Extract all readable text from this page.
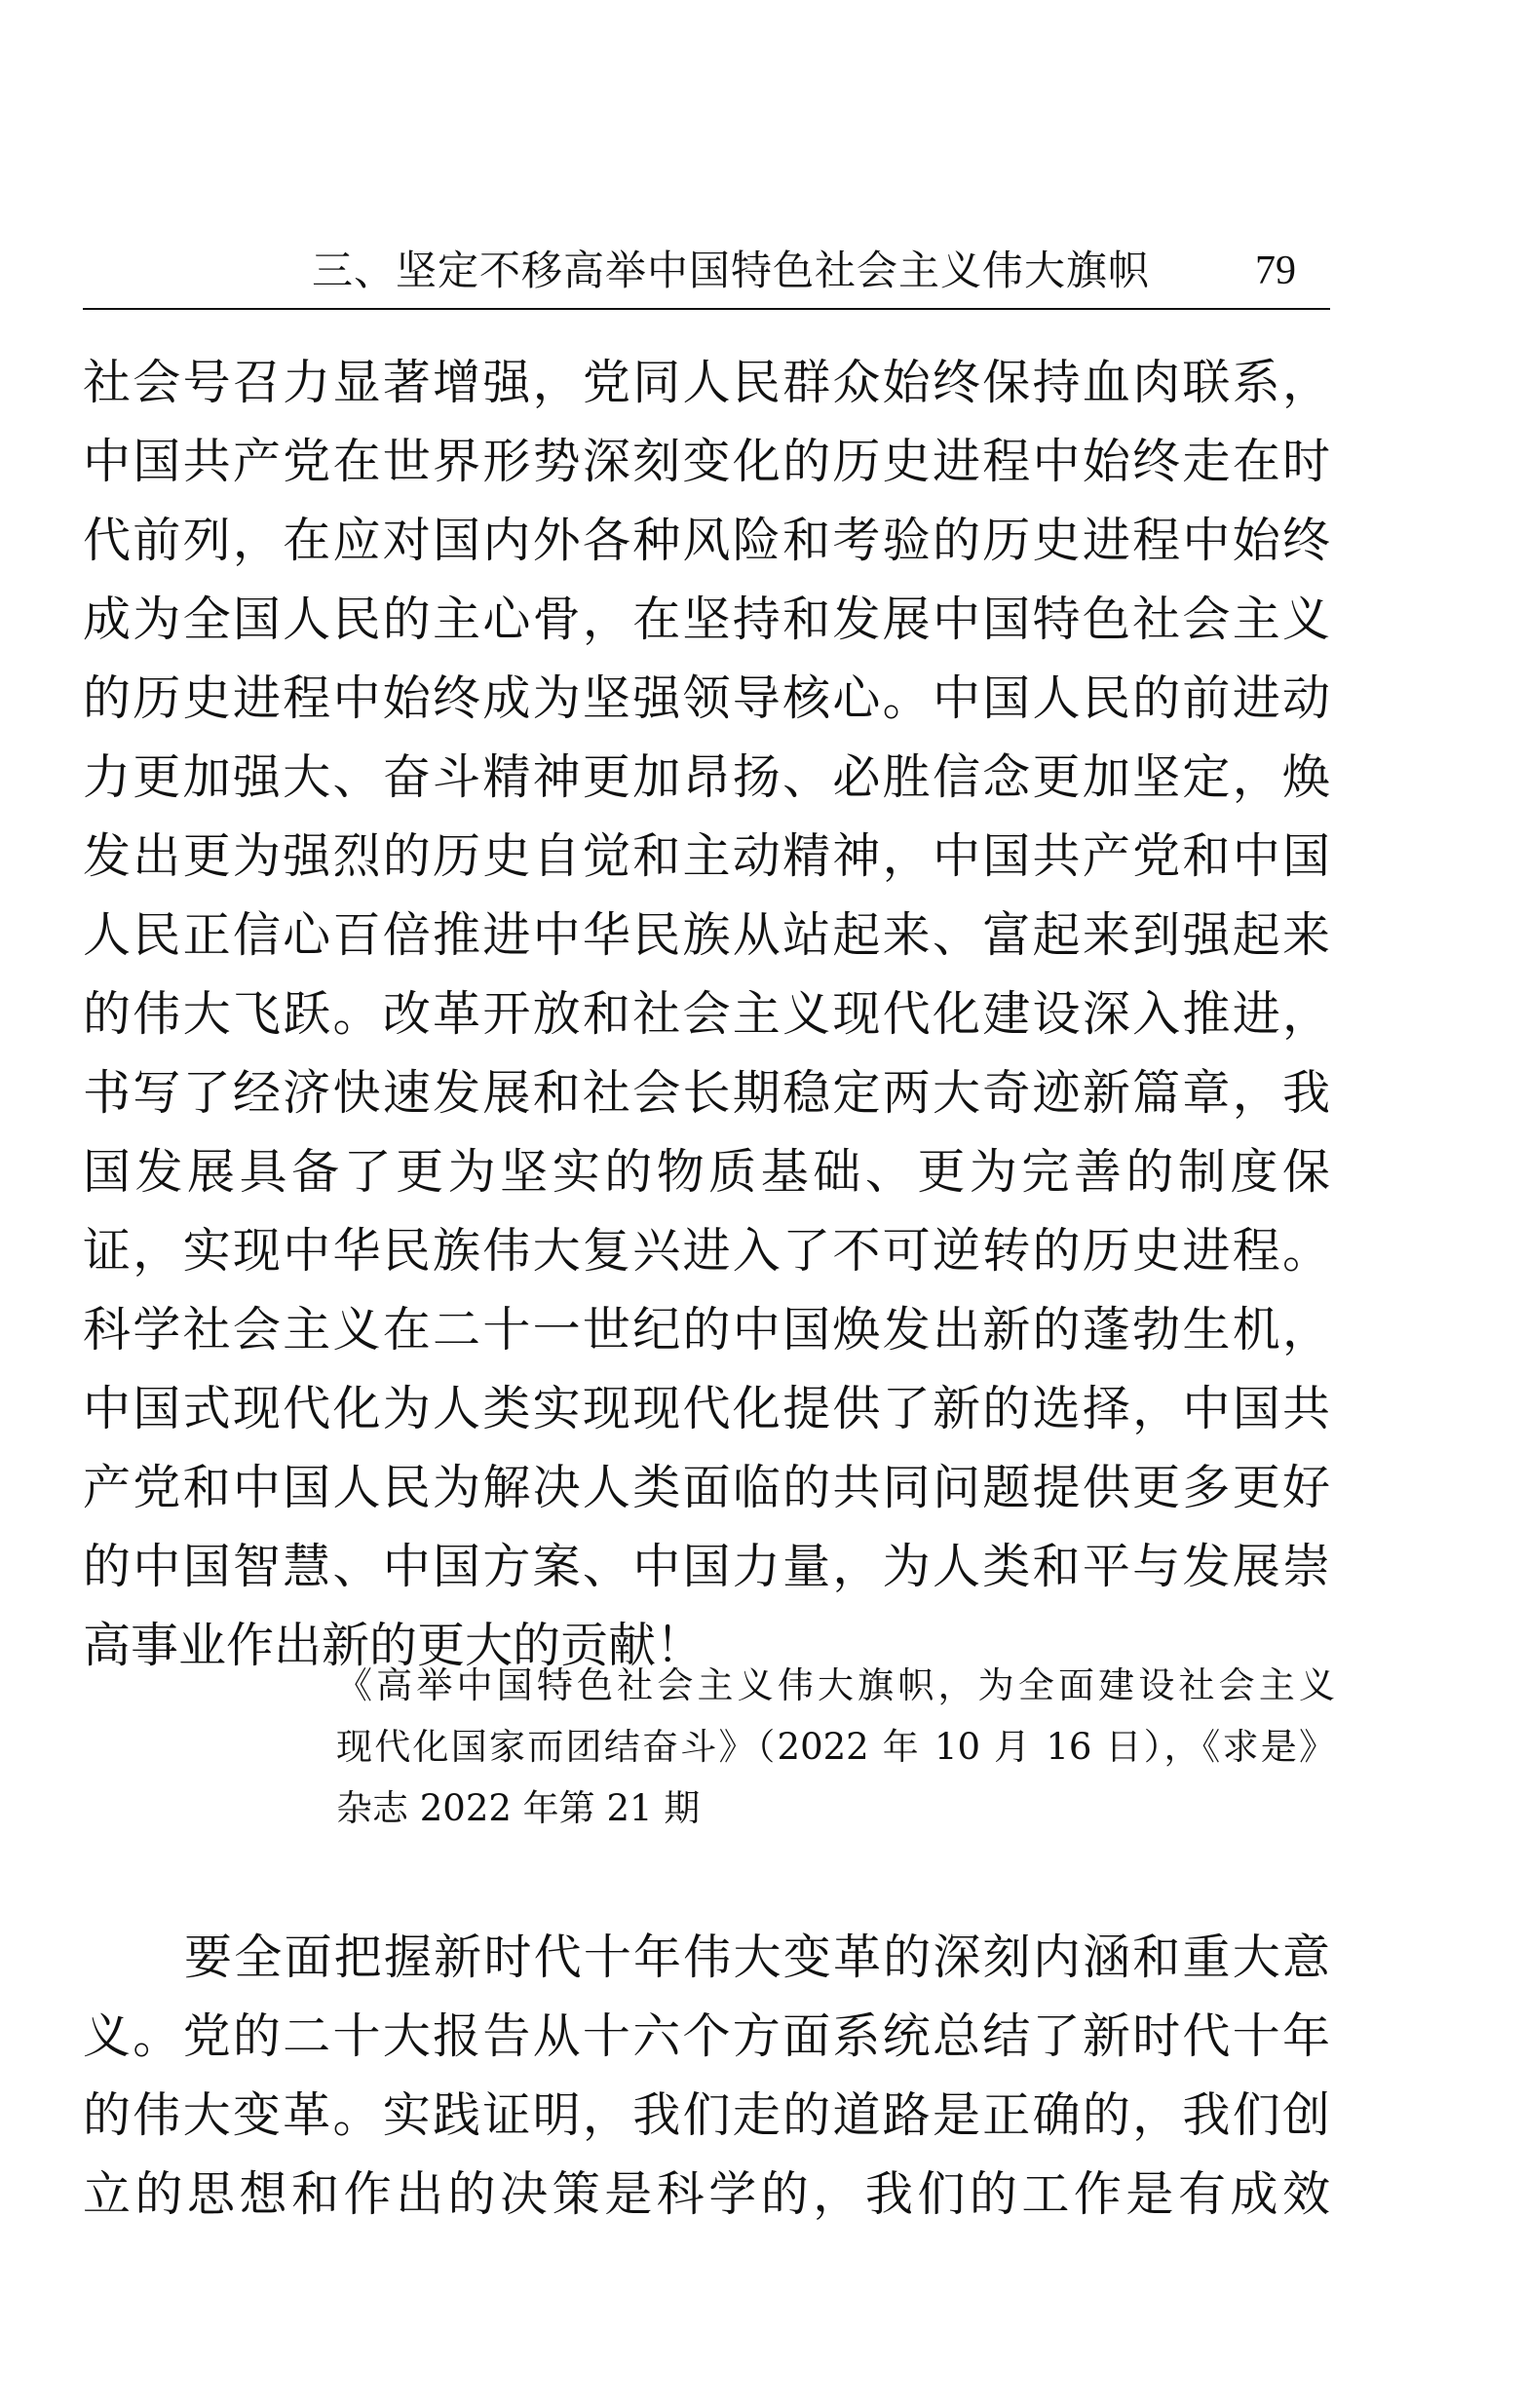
三、坚定不移高举中国特色社会主义伟大旗帜	79
社会号召力显著增强，党同人民群众始终保持血肉联系，
中国共产党在世界形势深刻变化的历史进程中始终走在时
代前列，在应对国内外各种风险和考验的历史进程中始终
成为全国人民的主心骨，在坚持和发展中国特色社会主义
的历史进程中始终成为坚强领导核心。中国人民的前进动
力更加强大、奋斗精神更加昂扬、必胜信念更加坚定，焕
发出更为强烈的历史自觉和主动精神，中国共产党和中国
人民正信心百倍推进中华民族从站起来、富起来到强起来
的伟大飞跃。改革开放和社会主义现代化建设深入推进，
书写了经济快速发展和社会长期稳定两大奇迹新篇章，我
国发展具备了更为坚实的物质基础、更为完善的制度保
证，实现中华民族伟大复兴进入了不可逆转的历史进程。
科学社会主义在二十一世纪的中国焕发出新的蓬勃生机，
中国式现代化为人类实现现代化提供了新的选择，中国共
产党和中国人民为解决人类面临的共同问题提供更多更好
的中国智慧、中国方案、中国力量，为人类和平与发展崇
高事业作出新的更大的贡献！
《高举中国特色社会主义伟大旗帜，为全面建设社会主义
现代化国家而团结奋斗》（2022 年 10 月 16 日），《求是》
杂志 2022 年第 21 期
要全面把握新时代十年伟大变革的深刻内涵和重大意
义。党的二十大报告从十六个方面系统总结了新时代十年
的伟大变革。实践证明，我们走的道路是正确的，我们创
立的思想和作出的决策是科学的，我们的工作是有成效
